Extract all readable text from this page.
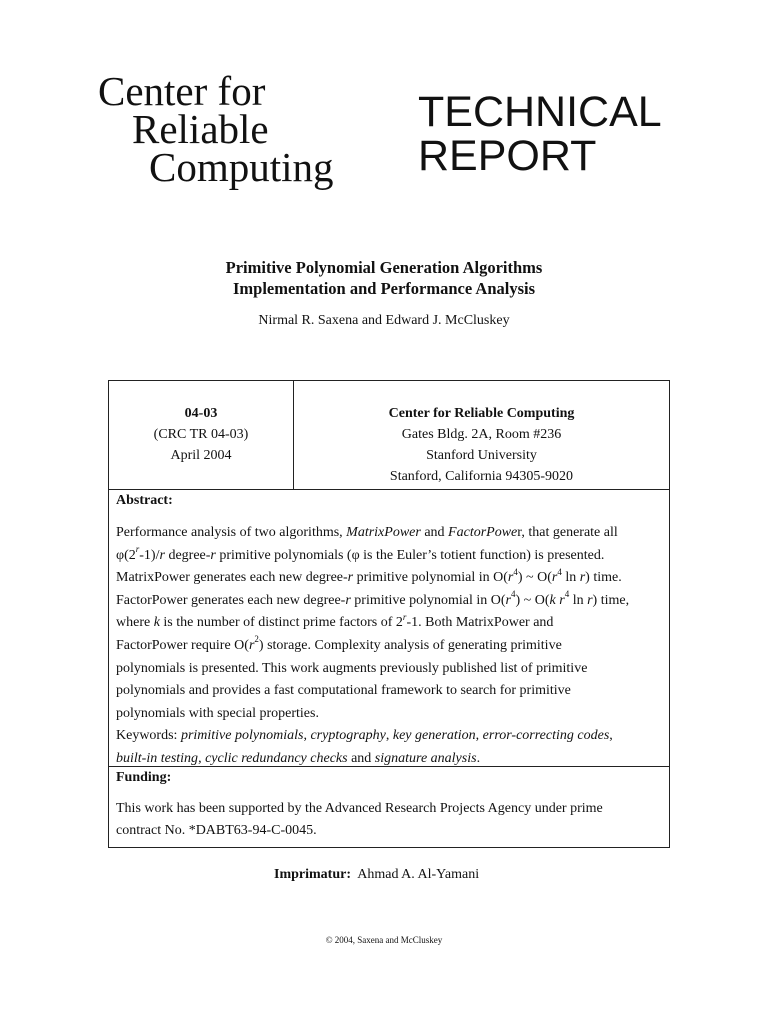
Center for
Reliable
Computing
TECHNICAL
REPORT
Primitive Polynomial Generation Algorithms
Implementation and Performance Analysis
Nirmal R. Saxena and Edward J. McCluskey
04-03
(CRC TR 04-03)
April 2004
Center for Reliable Computing
Gates Bldg. 2A, Room #236
Stanford University
Stanford, California 94305-9020
Abstract:
Performance analysis of two algorithms, MatrixPower and FactorPower, that generate all
φ(2$^r$-1)/r degree-r primitive polynomials (φ is the Euler’s totient function) is presented.
MatrixPower generates each new degree-r primitive polynomial in $O(r^4)$ ~ $O(r^4$ ln r) time.
FactorPower generates each new degree-r primitive polynomial in $O(r^4)$ ~ O(k $r^4$ ln r) time,
where k is the number of distinct prime factors of 2$^r$-1. Both MatrixPower and
FactorPower require $O(r^2)$ storage. Complexity analysis of generating primitive
polynomials is presented. This work augments previously published list of primitive
polynomials and provides a fast computational framework to search for primitive
polynomials with special properties.
Keywords: primitive polynomials, cryptography, key generation, error-correcting codes,
built-in testing, cyclic redundancy checks and signature analysis.
Funding:
This work has been supported by the Advanced Research Projects Agency under prime
contract No. *DABT63-94-C-0045.
Imprimatur: Ahmad A. Al-Yamani
© 2004, Saxena and McCluskey
